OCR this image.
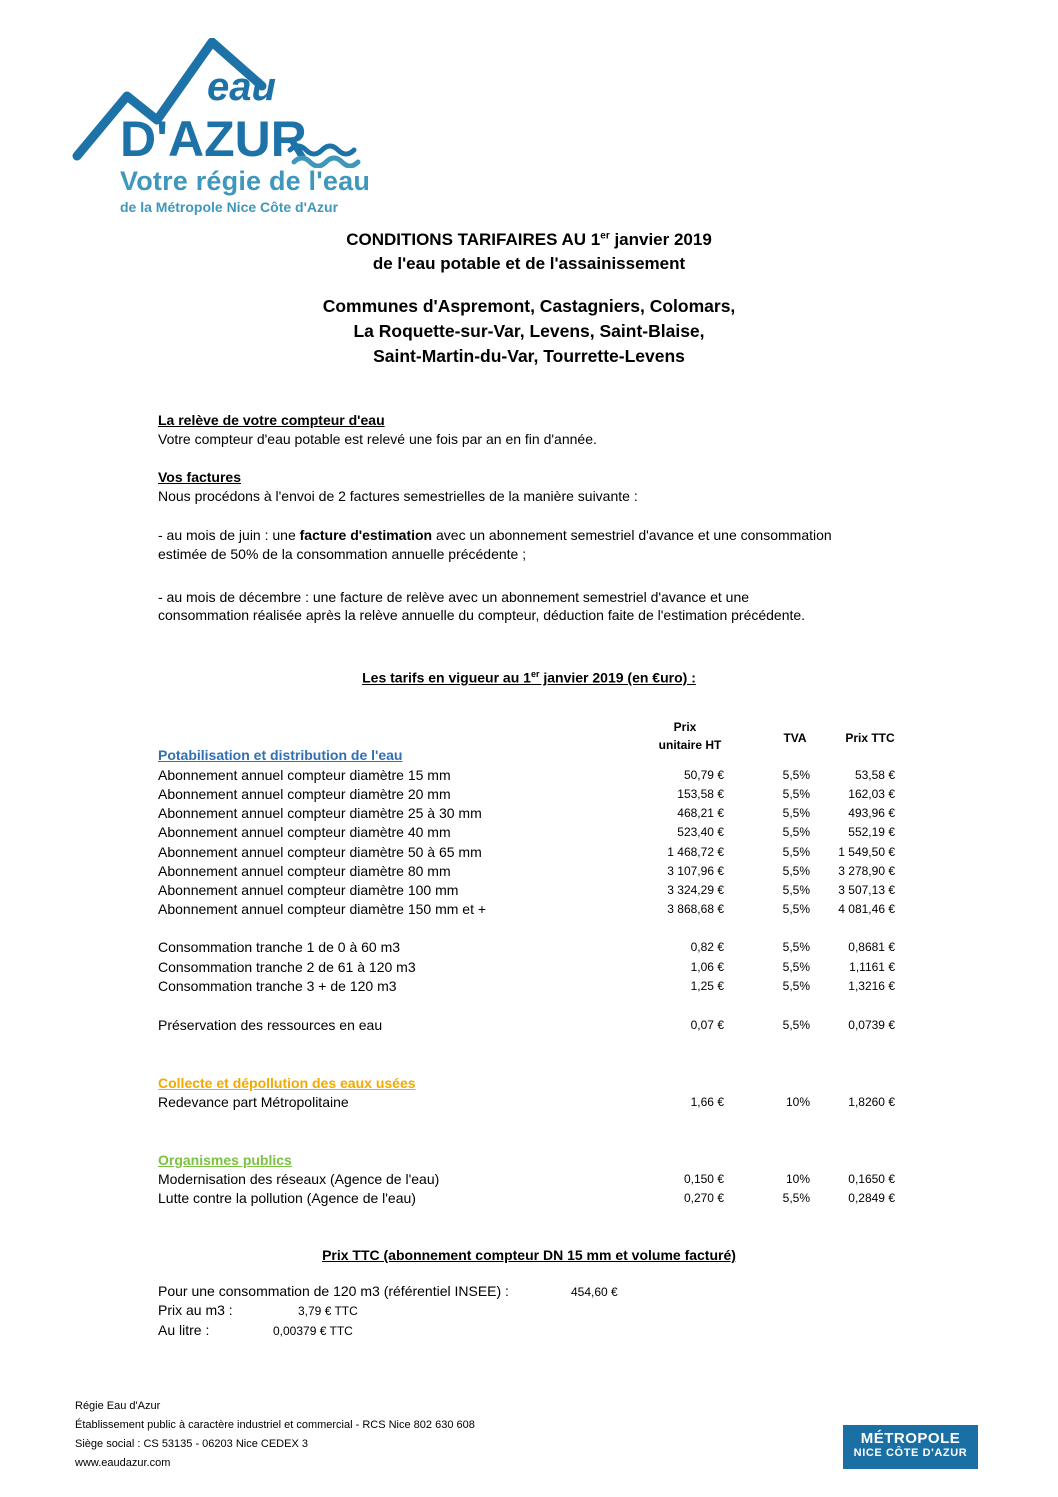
eau
D'AZUR
Votre régie de l'eau
de la Métropole Nice Côte d'Azur
CONDITIONS TARIFAIRES AU 1er janvier 2019
de l'eau potable et de l'assainissement
Communes d'Aspremont, Castagniers, Colomars,
La Roquette-sur-Var, Levens, Saint-Blaise,
Saint-Martin-du-Var, Tourrette-Levens
La relève de votre compteur d'eau
Votre compteur d'eau potable est relevé une fois par an en fin d'année.
Vos factures
Nous procédons à l'envoi de 2 factures semestrielles de la manière suivante :
- au mois de juin : une facture d'estimation avec un abonnement semestriel d'avance et une consommation
estimée de 50% de la consommation annuelle précédente ;
- au mois de décembre : une facture de relève avec un abonnement semestriel d'avance et une
consommation réalisée après la relève annuelle du compteur, déduction faite de l'estimation précédente.
Les tarifs en vigueur au 1er janvier 2019 (en €uro) :
Prix
unitaire HT	TVA	Prix TTC
Potabilisation et distribution de l'eau
Abonnement annuel compteur diamètre 15 mm	50,79 €	5,5%	53,58 €
Abonnement annuel compteur diamètre 20 mm	153,58 €	5,5%	162,03 €
Abonnement annuel compteur diamètre 25 à 30 mm	468,21 €	5,5%	493,96 €
Abonnement annuel compteur diamètre 40 mm	523,40 €	5,5%	552,19 €
Abonnement annuel compteur diamètre 50 à 65 mm	1 468,72 €	5,5% 1 549,50 €
Abonnement annuel compteur diamètre 80 mm	3 107,96 €	5,5% 3 278,90 €
Abonnement annuel compteur diamètre 100 mm	3 324,29 €	5,5% 3 507,13 €
Abonnement annuel compteur diamètre 150 mm et +	3 868,68 €	5,5% 4 081,46 €
Consommation tranche 1 de 0 à 60 m3	0,82 €	5,5%	0,8681 €
Consommation tranche 2 de 61 à 120 m3	1,06 €	5,5%	1,1161 €
Consommation tranche 3 + de 120 m3	1,25 €	5,5%	1,3216 €
Préservation des ressources en eau	0,07 €	5,5%	0,0739 €
Collecte et dépollution des eaux usées
Redevance part Métropolitaine	1,66 €	10%	1,8260 €
Organismes publics
Modernisation des réseaux (Agence de l'eau)	0,150 €	10%	0,1650 €
Lutte contre la pollution (Agence de l'eau)	0,270 €	5,5%	0,2849 €
Prix TTC (abonnement compteur DN 15 mm et volume facturé)
Pour une consommation de 120 m3 (référentiel INSEE) :	454,60 €
Prix au m3 :	3,79 € TTC
Au litre :	0,00379 € TTC
Régie Eau d'Azur
Établissement public à caractère industriel et commercial - RCS Nice 802 630 608
Siège social : CS 53135 - 06203 Nice CEDEX 3
www.eaudazur.com
MÉTROPOLE
NICE CÔTE D'AZUR
